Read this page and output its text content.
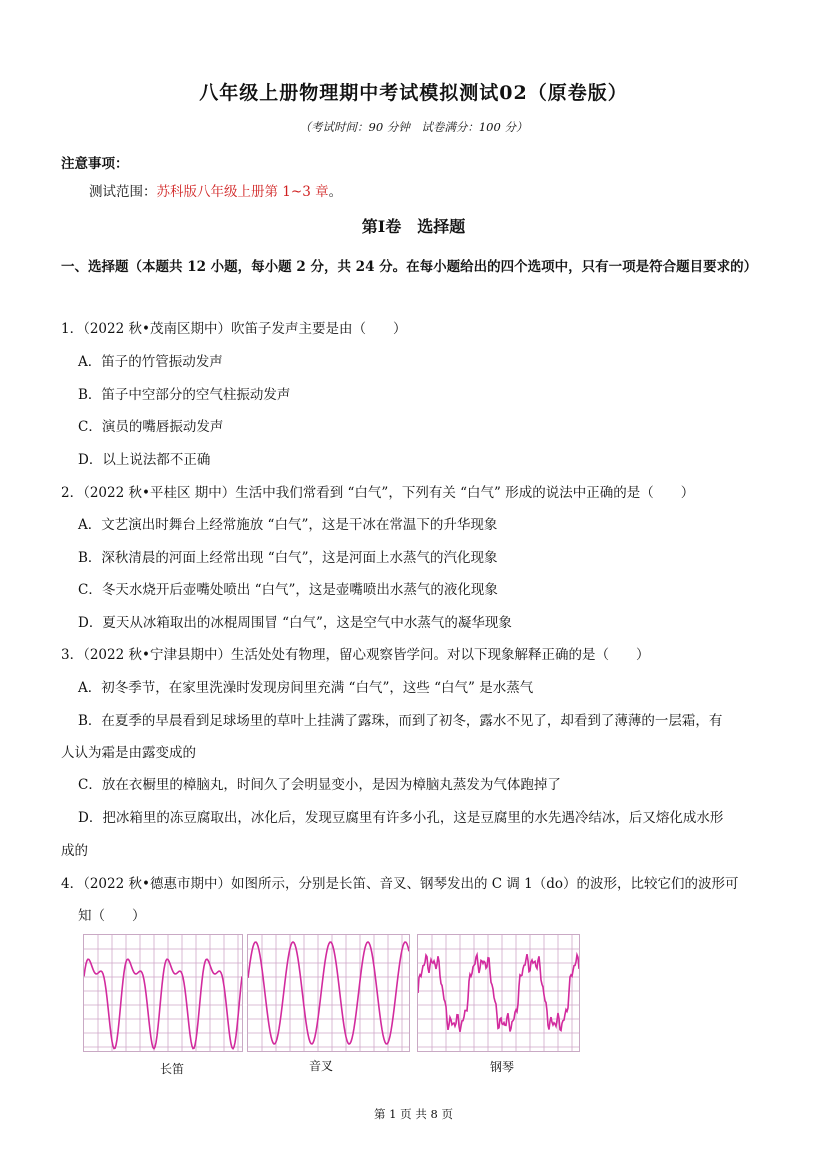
八年级上册物理期中考试模拟测试02（原卷版）
（考试时间：90 分钟　试卷满分：100 分）
注意事项：
测试范围：苏科版八年级上册第 1~3 章。
第Ⅰ卷　选择题
一、选择题（本题共 12 小题，每小题 2 分，共 24 分。在每小题给出的四个选项中，只有一项是符合题目要求的）
1．（2022 秋•茂南区期中）吹笛子发声主要是由（　　）
A．笛子的竹管振动发声
B．笛子中空部分的空气柱振动发声
C．演员的嘴唇振动发声
D．以上说法都不正确
2．（2022 秋•平桂区 期中）生活中我们常看到 “白气”，下列有关 “白气” 形成的说法中正确的是（　　）
A．文艺演出时舞台上经常施放 “白气”，这是干冰在常温下的升华现象
B．深秋清晨的河面上经常出现 “白气”，这是河面上水蒸气的汽化现象
C．冬天水烧开后壶嘴处喷出 “白气”，这是壶嘴喷出水蒸气的液化现象
D．夏天从冰箱取出的冰棍周围冒 “白气”，这是空气中水蒸气的凝华现象
3．（2022 秋•宁津县期中）生活处处有物理，留心观察皆学问。对以下现象解释正确的是（　　）
A．初冬季节，在家里洗澡时发现房间里充满 “白气”，这些 “白气” 是水蒸气
B．在夏季的早晨看到足球场里的草叶上挂满了露珠，而到了初冬，露水不见了，却看到了薄薄的一层霜，有
人认为霜是由露变成的
C．放在衣橱里的樟脑丸，时间久了会明显变小，是因为樟脑丸蒸发为气体跑掉了
D．把冰箱里的冻豆腐取出，冰化后，发现豆腐里有许多小孔，这是豆腐里的水先遇冷结冰，后又熔化成水形
成的
4．（2022 秋•德惠市期中）如图所示，分别是长笛、音叉、钢琴发出的 C 调 1（do）的波形，比较它们的波形可
知（　　）
长笛	音叉	钢琴
第 1 页 共 8 页
